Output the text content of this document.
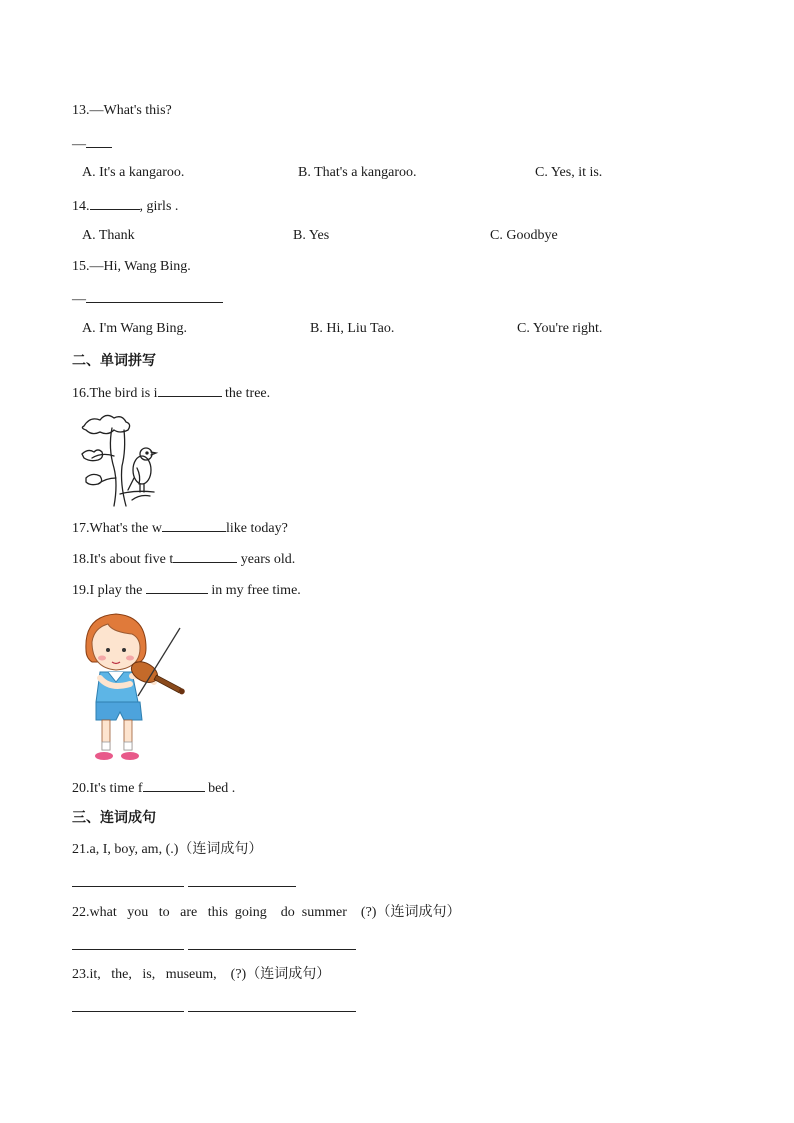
13.—What's this?
—
A. It's a kangaroo.	B. That's a kangaroo.	C. Yes, it is.
14.	, girls .
A. Thank	B. Yes	C. Goodbye
15.—Hi, Wang Bing.
—
A. I'm Wang Bing.	B. Hi, Liu Tao.	C. You're right.
二、单词拼写
16.The bird is i	the tree.
17.What's the w	like today?
18.It's about five t	years old.
19.I play the	in my free time.
20.It's time f	bed .
三、连词成句
21.a, I, boy, am, (.)（连词成句）
22.what   you   to   are   this  going    do  summer    (?)（连词成句）
23.it,   the,   is,   museum,    (?)（连词成句）
